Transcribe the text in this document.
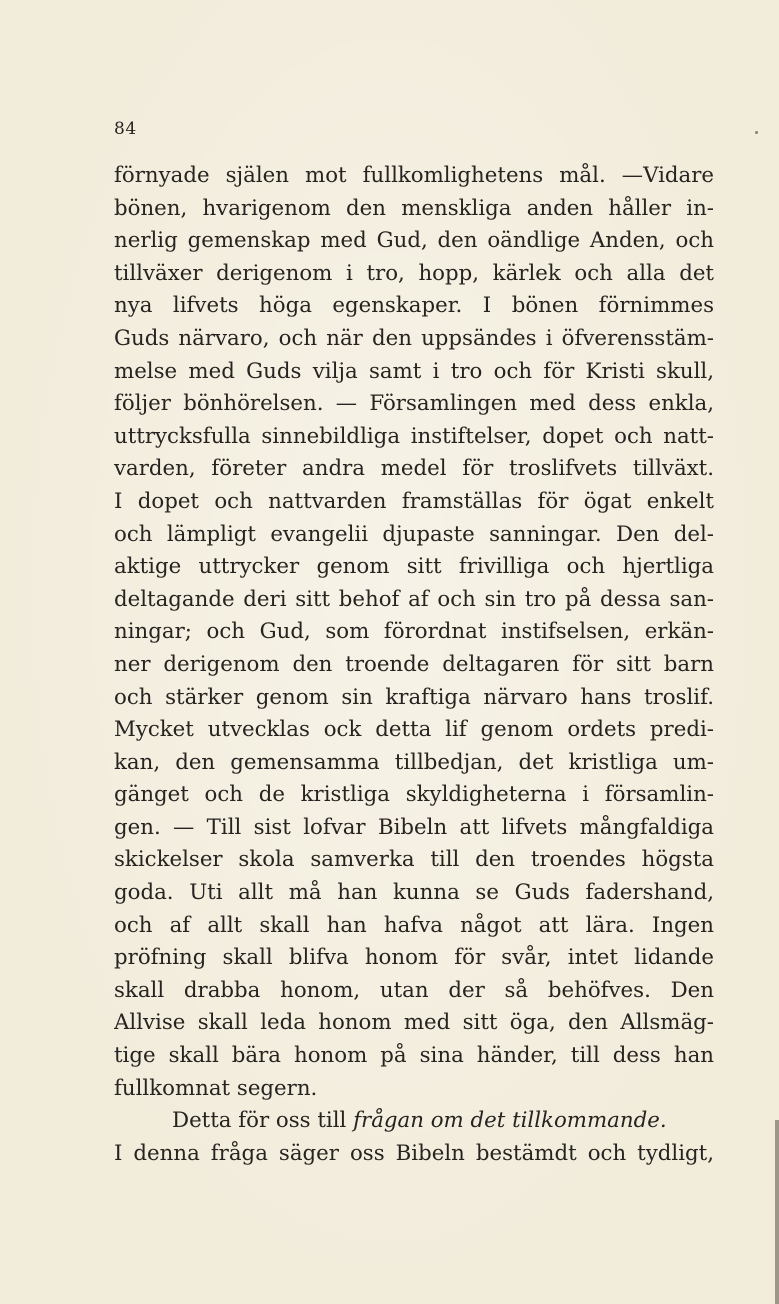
84
förnyade själen mot fullkomlighetens mål. —Vidare
bönen, hvarigenom den menskliga anden håller in-
nerlig gemenskap med Gud, den oändlige Anden, och
tillväxer derigenom i tro, hopp, kärlek och alla det
nya lifvets höga egenskaper. I bönen förnimmes
Guds närvaro, och när den uppsändes i öfverensstäm-
melse med Guds vilja samt i tro och för Kristi skull,
följer bönhörelsen. — Församlingen med dess enkla,
uttrycksfulla sinnebildliga instiftelser, dopet och natt-
varden, företer andra medel för troslifvets tillväxt.
I dopet och nattvarden framställas för ögat enkelt
och lämpligt evangelii djupaste sanningar. Den del-
aktige uttrycker genom sitt frivilliga och hjertliga
deltagande deri sitt behof af och sin tro på dessa san-
ningar; och Gud, som förordnat instifselsen, erkän-
ner derigenom den troende deltagaren för sitt barn
och stärker genom sin kraftiga närvaro hans troslif.
Mycket utvecklas ock detta lif genom ordets predi-
kan, den gemensamma tillbedjan, det kristliga um-
gänget och de kristliga skyldigheterna i församlin-
gen. — Till sist lofvar Bibeln att lifvets mångfaldiga
skickelser skola samverka till den troendes högsta
goda. Uti allt må han kunna se Guds fadershand,
och af allt skall han hafva något att lära. Ingen
pröfning skall blifva honom för svår, intet lidande
skall drabba honom, utan der så behöfves. Den
Allvise skall leda honom med sitt öga, den Allsmäg-
tige skall bära honom på sina händer, till dess han
fullkomnat segern.
Detta för oss till frågan om det tillkommande.
I denna fråga säger oss Bibeln bestämdt och tydligt,
